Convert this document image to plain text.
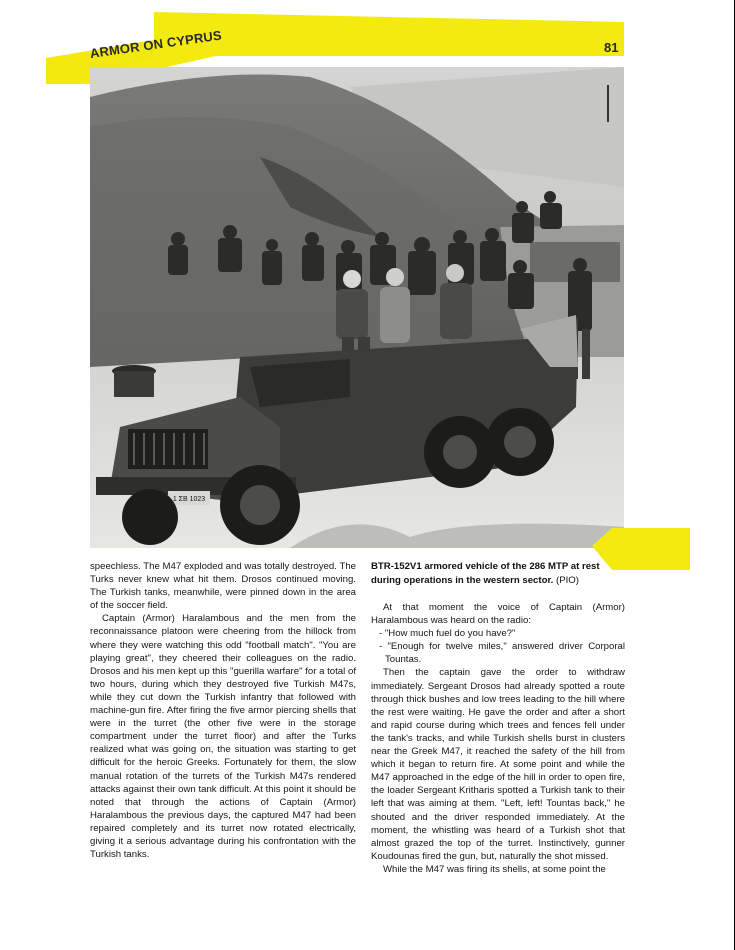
ARMOR ON CYPRUS	81
1 ΣΒ 1023
BTR-152V1 armored vehicle of the 286 MTP at rest during operations in the western sector. (PIO)

speechless. The M47 exploded and was totally destroyed. The Turks never knew what hit them. Drosos continued moving. The Turkish tanks, meanwhile, were pinned down in the area of the soccer field.

Captain (Armor) Haralambous and the men from the reconnaissance platoon were cheering from the hillock from where they were watching this odd "football match". "You are playing great", they cheered their colleagues on the radio. Drosos and his men kept up this "guerilla warfare" for a total of two hours, during which they destroyed five Turkish M47s, while they cut down the Turkish infantry that followed with machine-gun fire. After firing the five armor piercing shells that were in the turret (the other five were in the storage compartment under the turret floor) and after the Turks realized what was going on, the situation was starting to get difficult for the heroic Greeks. Fortunately for them, the slow manual rotation of the turrets of the Turkish M47s rendered attacks against their own tank difficult. At this point it should be noted that through the actions of Captain (Armor) Haralambous the previous days, the captured M47 had been repaired completely and its turret now rotated electrically, giving it a serious advantage during his confrontation with the Turkish tanks.

At that moment the voice of Captain (Armor) Haralambous was heard on the radio:

- "How much fuel do you have?"

- "Enough for twelve miles," answered driver Corporal Tountas.

Then the captain gave the order to withdraw immediately. Sergeant Drosos had already spotted a route through thick bushes and low trees leading to the hill where the rest were waiting. He gave the order and after a short and rapid course during which trees and fences fell under the tank's tracks, and while Turkish shells burst in clusters near the Greek M47, it reached the safety of the hill from which it began to return fire. At some point and while the M47 approached in the edge of the hill in order to open fire, the loader Sergeant Kritharis spotted a Turkish tank to their left that was aiming at them. "Left, left! Tountas back," he shouted and the driver responded immediately. At the moment, the whistling was heard of a Turkish shot that almost grazed the top of the turret. Instinctively, gunner Koudounas fired the gun, but, naturally the shot missed.

While the M47 was firing its shells, at some point the
